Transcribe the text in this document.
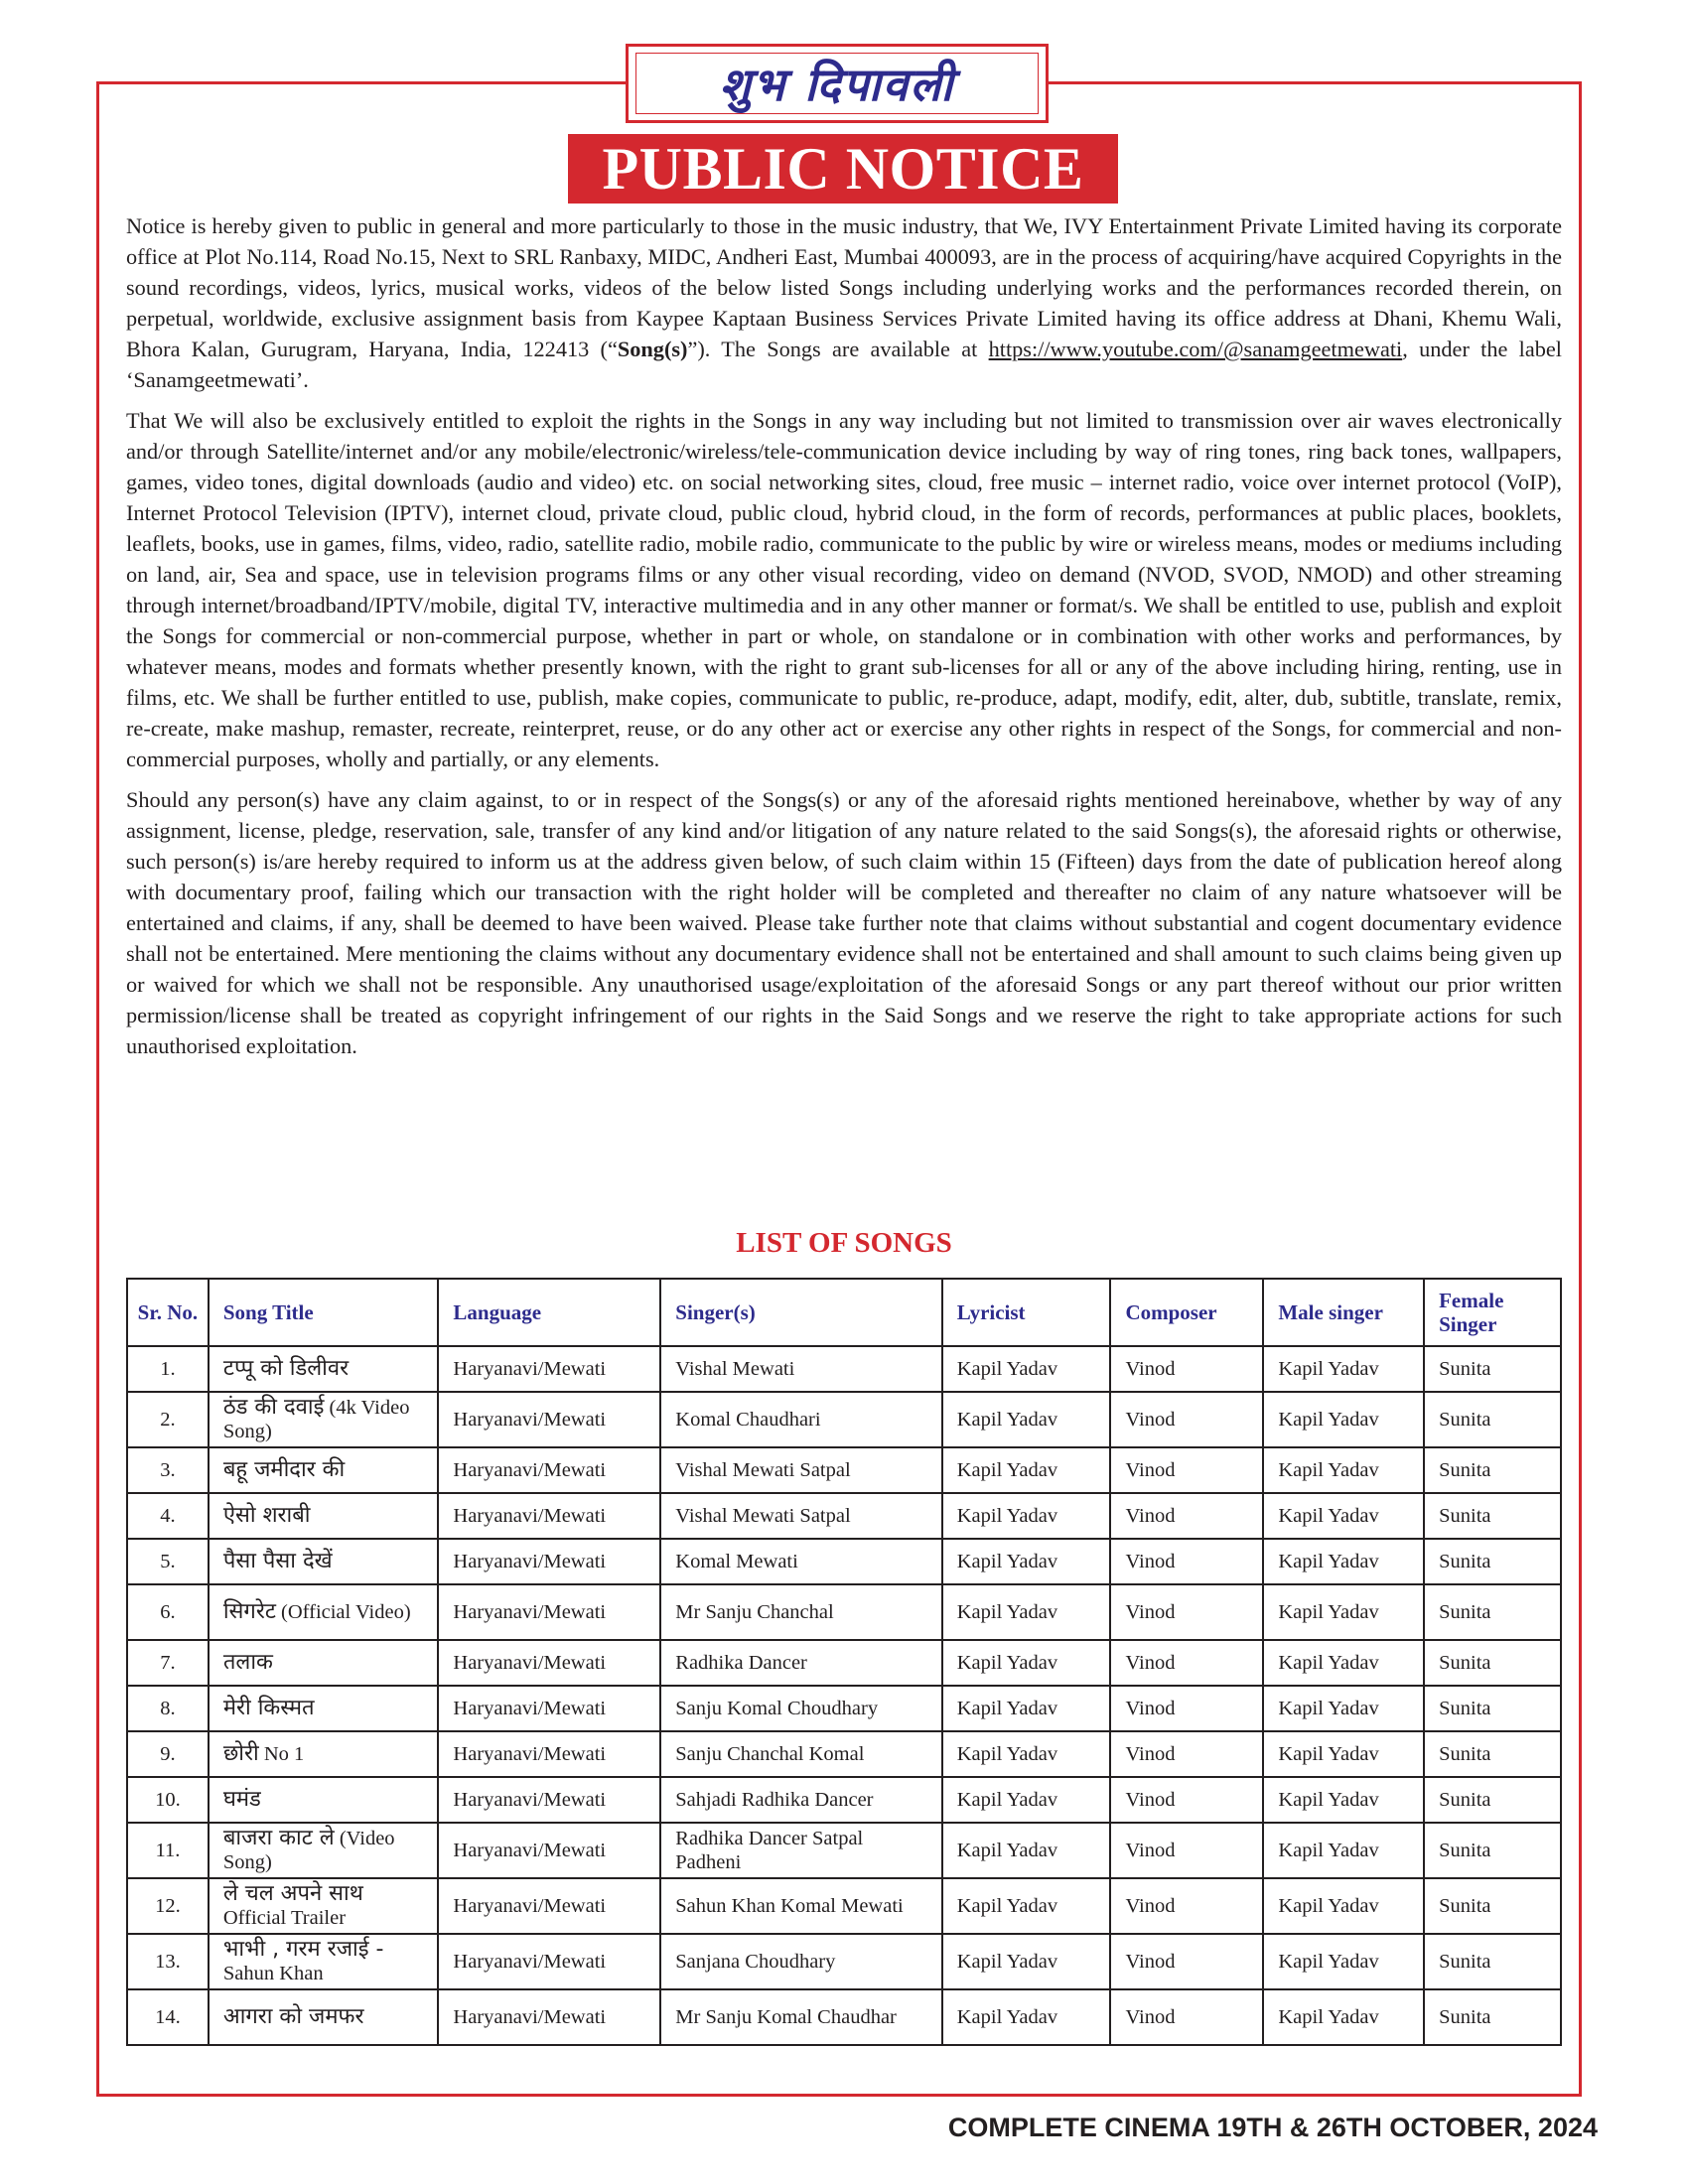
शुभ दिपावली
PUBLIC NOTICE

Notice is hereby given to public in general and more particularly to those in the music industry, that We, IVY Entertainment Private Limited having its corporate office at Plot No.114, Road No.15, Next to SRL Ranbaxy, MIDC, Andheri East, Mumbai 400093, are in the process of acquiring/have acquired Copyrights in the sound recordings, videos, lyrics, musical works, videos of the below listed Songs including underlying works and the performances recorded therein, on perpetual, worldwide, exclusive assignment basis from Kaypee Kaptaan Business Services Private Limited having its office address at Dhani, Khemu Wali, Bhora Kalan, Gurugram, Haryana, India, 122413 (“Song(s)”). The Songs are available at https://www.youtube.com/@sanamgeetmewati, under the label ‘Sanamgeetmewati’.

That We will also be exclusively entitled to exploit the rights in the Songs in any way including but not limited to transmission over air waves electronically and/or through Satellite/internet and/or any mobile/electronic/wireless/tele-communication device including by way of ring tones, ring back tones, wallpapers, games, video tones, digital downloads (audio and video) etc. on social networking sites, cloud, free music – internet radio, voice over internet protocol (VoIP), Internet Protocol Television (IPTV), internet cloud, private cloud, public cloud, hybrid cloud, in the form of records, performances at public places, booklets, leaflets, books, use in games, films, video, radio, satellite radio, mobile radio, communicate to the public by wire or wireless means, modes or mediums including on land, air, Sea and space, use in television programs films or any other visual recording, video on demand (NVOD, SVOD, NMOD) and other streaming through internet/broadband/IPTV/mobile, digital TV, interactive multimedia and in any other manner or format/s. We shall be entitled to use, publish and exploit the Songs for commercial or non-commercial purpose, whether in part or whole, on standalone or in combination with other works and performances, by whatever means, modes and formats whether presently known, with the right to grant sub-licenses for all or any of the above including hiring, renting, use in films, etc. We shall be further entitled to use, publish, make copies, communicate to public, re-produce, adapt, modify, edit, alter, dub, subtitle, translate, remix, re-create, make mashup, remaster, recreate, reinterpret, reuse, or do any other act or exercise any other rights in respect of the Songs, for commercial and non-commercial purposes, wholly and partially, or any elements.

Should any person(s) have any claim against, to or in respect of the Songs(s) or any of the aforesaid rights mentioned hereinabove, whether by way of any assignment, license, pledge, reservation, sale, transfer of any kind and/or litigation of any nature related to the said Songs(s), the aforesaid rights or otherwise, such person(s) is/are hereby required to inform us at the address given below, of such claim within 15 (Fifteen) days from the date of publication hereof along with documentary proof, failing which our transaction with the right holder will be completed and thereafter no claim of any nature whatsoever will be entertained and claims, if any, shall be deemed to have been waived. Please take further note that claims without substantial and cogent documentary evidence shall not be entertained. Mere mentioning the claims without any documentary evidence shall not be entertained and shall amount to such claims being given up or waived for which we shall not be responsible. Any unauthorised usage/exploitation of the aforesaid Songs or any part thereof without our prior written permission/license shall be treated as copyright infringement of our rights in the Said Songs and we reserve the right to take appropriate actions for such unauthorised exploitation.

LIST OF SONGS
Sr. No.	Song Title	Language	Singer(s)	Lyricist	Composer	Male singer	Female Singer
1.	टप्पू को डिलीवर	Haryanavi/Mewati	Vishal Mewati	Kapil Yadav	Vinod	Kapil Yadav	Sunita
2.	ठंड की दवाई (4k Video Song)	Haryanavi/Mewati	Komal Chaudhari	Kapil Yadav	Vinod	Kapil Yadav	Sunita
3.	बहू जमीदार की	Haryanavi/Mewati	Vishal Mewati Satpal	Kapil Yadav	Vinod	Kapil Yadav	Sunita
4.	ऐसो शराबी	Haryanavi/Mewati	Vishal Mewati Satpal	Kapil Yadav	Vinod	Kapil Yadav	Sunita
5.	पैसा पैसा देखें	Haryanavi/Mewati	Komal Mewati	Kapil Yadav	Vinod	Kapil Yadav	Sunita
6.	सिगरेट (Official Video)	Haryanavi/Mewati	Mr Sanju Chanchal	Kapil Yadav	Vinod	Kapil Yadav	Sunita
7.	तलाक	Haryanavi/Mewati	Radhika Dancer	Kapil Yadav	Vinod	Kapil Yadav	Sunita
8.	मेरी किस्मत	Haryanavi/Mewati	Sanju Komal Choudhary	Kapil Yadav	Vinod	Kapil Yadav	Sunita
9.	छोरी No 1	Haryanavi/Mewati	Sanju Chanchal Komal	Kapil Yadav	Vinod	Kapil Yadav	Sunita
10.	घमंड	Haryanavi/Mewati	Sahjadi Radhika Dancer	Kapil Yadav	Vinod	Kapil Yadav	Sunita
11.	बाजरा काट ले (Video Song)	Haryanavi/Mewati	Radhika Dancer Satpal Padheni	Kapil Yadav	Vinod	Kapil Yadav	Sunita
12.	ले चल अपने साथ Official Trailer	Haryanavi/Mewati	Sahun Khan Komal Mewati	Kapil Yadav	Vinod	Kapil Yadav	Sunita
13.	भाभी , गरम रजाई - Sahun Khan	Haryanavi/Mewati	Sanjana Choudhary	Kapil Yadav	Vinod	Kapil Yadav	Sunita
14.	आगरा को जमफर	Haryanavi/Mewati	Mr Sanju Komal Chaudhar	Kapil Yadav	Vinod	Kapil Yadav	Sunita
COMPLETE CINEMA 19TH & 26TH OCTOBER, 2024
